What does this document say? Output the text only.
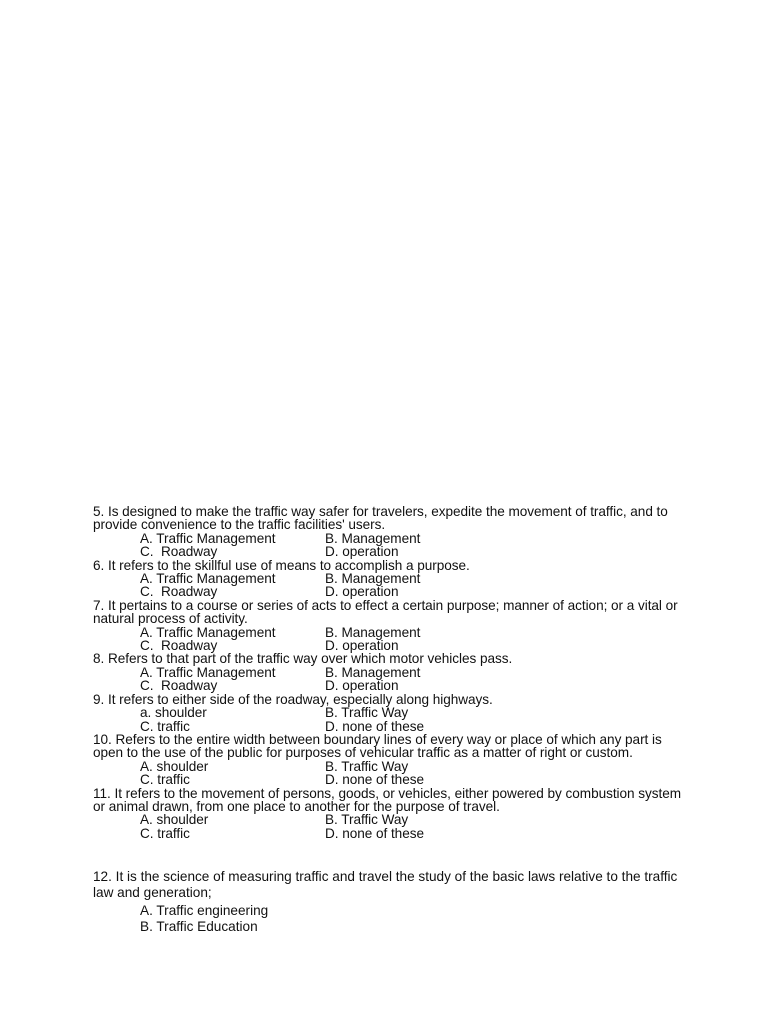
5. Is designed to make the traffic way safer for travelers, expedite the movement of traffic, and to provide convenience to the traffic facilities' users.

A. Traffic Management	B. Management
C.  Roadway	D. operation

6. It refers to the skillful use of means to accomplish a purpose.

A. Traffic Management	B. Management
C.  Roadway	D. operation

7. It pertains to a course or series of acts to effect a certain purpose; manner of action; or a vital or natural process of activity.

A. Traffic Management	B. Management
C.  Roadway	D. operation

8. Refers to that part of the traffic way over which motor vehicles pass.

A. Traffic Management	B. Management
C.  Roadway	D. operation

9. It refers to either side of the roadway, especially along highways.

a. shoulder	B. Traffic Way
C. traffic	D. none of these

10. Refers to the entire width between boundary lines of every way or place of which any part is open to the use of the public for purposes of vehicular traffic as a matter of right or custom.

A. shoulder	B. Traffic Way
C. traffic	D. none of these

11. It refers to the movement of persons, goods, or vehicles, either powered by combustion system or animal drawn, from one place to another for the purpose of travel.

A. shoulder	B. Traffic Way
C. traffic	D. none of these

12. It is the science of measuring traffic and travel the study of the basic laws relative to the traffic law and generation;

A. Traffic engineering
B. Traffic Education
